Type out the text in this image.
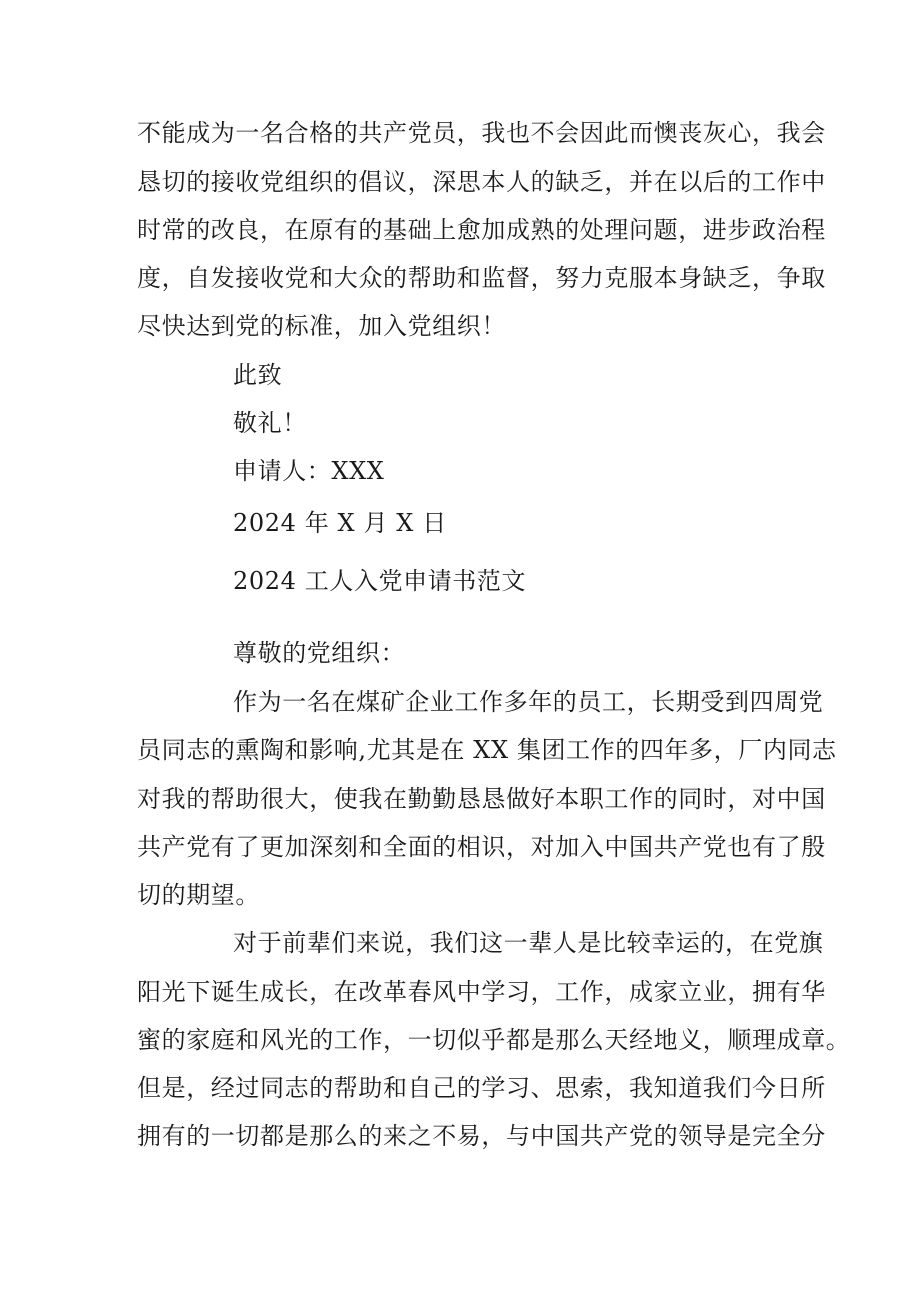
不能成为一名合格的共产党员，我也不会因此而懊丧灰心，我会
恳切的接收党组织的倡议，深思本人的缺乏，并在以后的工作中
时常的改良，在原有的基础上愈加成熟的处理问题，进步政治程
度，自发接收党和大众的帮助和监督，努力克服本身缺乏，争取
尽快达到党的标准，加入党组织！
此致
敬礼！
申请人：XXX
2024 年 X 月 X 日
2024 工人入党申请书范文
尊敬的党组织：
作为一名在煤矿企业工作多年的员工，长期受到四周党
员同志的熏陶和影响,尤其是在 XX 集团工作的四年多，厂内同志
对我的帮助很大，使我在勤勤恳恳做好本职工作的同时，对中国
共产党有了更加深刻和全面的相识，对加入中国共产党也有了殷
切的期望。
对于前辈们来说，我们这一辈人是比较幸运的，在党旗
阳光下诞生成长，在改革春风中学习，工作，成家立业，拥有华
蜜的家庭和风光的工作，一切似乎都是那么天经地义，顺理成章。
但是，经过同志的帮助和自己的学习、思索，我知道我们今日所
拥有的一切都是那么的来之不易，与中国共产党的领导是完全分
